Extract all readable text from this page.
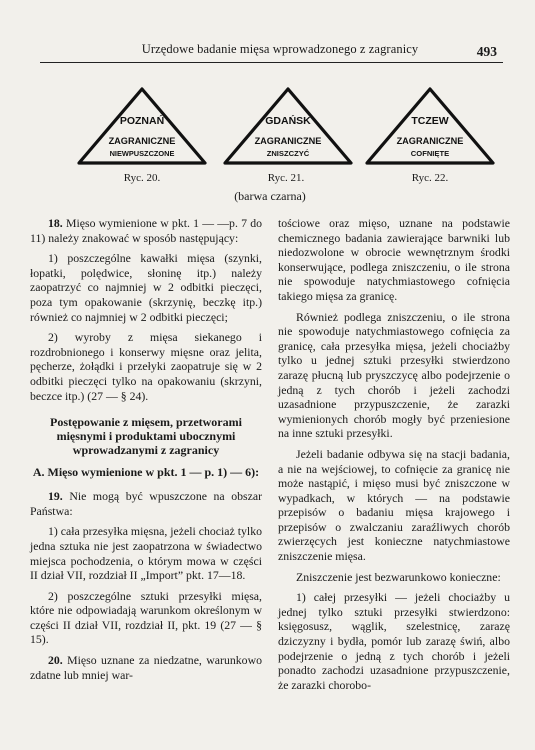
Urzędowe badanie mięsa wprowadzonego z zagranicy	493
POZNAŃ
ZAGRANICZNE
NIEWPUSZCZONE
GDAŃSK
ZAGRANICZNE
ZNISZCZYĆ
TCZEW
ZAGRANICZNE
COFNIĘTE
Ryc. 20.	Ryc. 21.	Ryc. 22.
(barwa czarna)

18. Mięso wymienione w pkt. 1 — —p. 7 do 11) należy znakować w sposób następujący:

1) poszczególne kawałki mięsa (szynki, łopatki, polędwice, słoninę itp.) należy zaopatrzyć co najmniej w 2 odbitki pieczęci, poza tym opakowanie (skrzynię, beczkę itp.) również co najmniej w 2 odbitki pieczęci;

2) wyroby z mięsa siekanego i rozdrobnionego i konserwy mięsne oraz jelita, pęcherze, żołądki i przełyki zaopatruje się w 2 odbitki pieczęci tylko na opakowaniu (skrzyni, beczce itp.) (27 — § 24).

Postępowanie z mięsem, przetworami mięsnymi i produktami ubocznymi wprowadzanymi z zagranicy
A. Mięso wymienione w pkt. 1 — p. 1) — 6):

19. Nie mogą być wpuszczone na obszar Państwa:

1) cała przesyłka mięsna, jeżeli chociaż tylko jedna sztuka nie jest zaopatrzona w świadectwo miejsca pochodzenia, o którym mowa w części II dział VII, rozdział II „Import” pkt. 17—18.

2) poszczególne sztuki przesyłki mięsa, które nie odpowiadają warunkom określonym w części II dział VII, rozdział II, pkt. 19 (27 — § 15).

20. Mięso uznane za niedzatne, warunkowo zdatne lub mniej war-

tościowe oraz mięso, uznane na podstawie chemicznego badania zawierające barwniki lub niedozwolone w obrocie wewnętrznym środki konserwujące, podlega zniszczeniu, o ile strona nie spowoduje natychmiastowego cofnięcia takiego mięsa za granicę.

Również podlega zniszczeniu, o ile strona nie spowoduje natychmiastowego cofnięcia za granicę, cała przesyłka mięsa, jeżeli chociażby tylko u jednej sztuki przesyłki stwierdzono zarazę płucną lub pryszczycę albo podejrzenie o jedną z tych chorób i jeżeli zachodzi uzasadnione przypuszczenie, że zarazki wymienionych chorób mogły być przeniesione na inne sztuki przesyłki.

Jeżeli badanie odbywa się na stacji badania, a nie na wejściowej, to cofnięcie za granicę nie może nastąpić, i mięso musi być zniszczone w wypadkach, w których — na podstawie przepisów o badaniu mięsa krajowego i przepisów o zwalczaniu zaraźliwych chorób zwierzęcych jest konieczne natychmiastowe zniszczenie mięsa.

Zniszczenie jest bezwarunkowo konieczne:

1) całej przesyłki — jeżeli chociażby u jednej tylko sztuki przesyłki stwierdzono: księgosusz, wąglik, szelestnicę, zarazę dziczyzny i bydła, pomór lub zarazę świń, albo podejrzenie o jedną z tych chorób i jeżeli ponadto zachodzi uzasadnione przypuszczenie, że zarazki chorobo-
